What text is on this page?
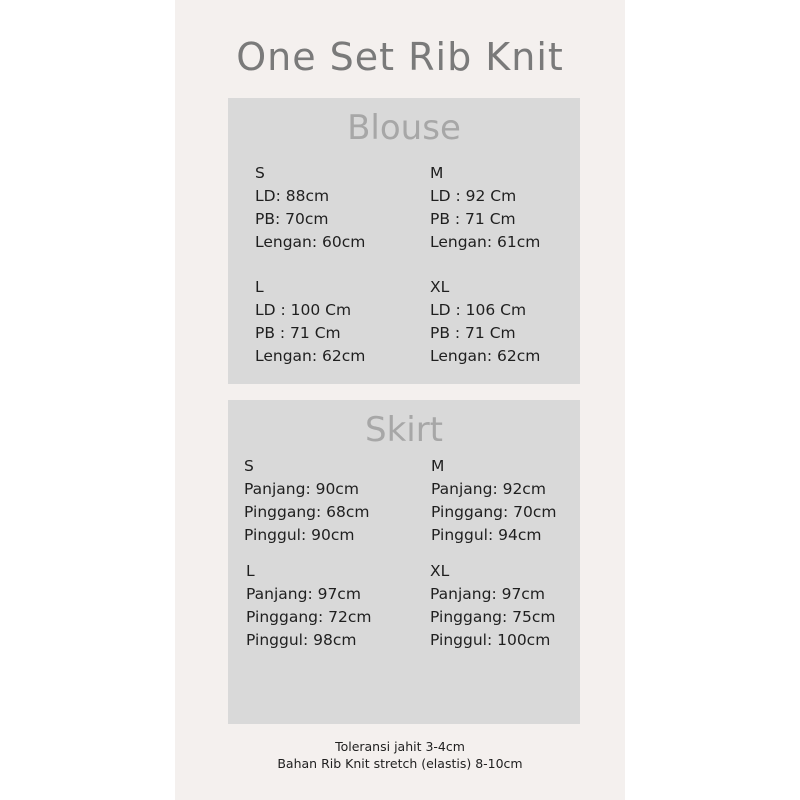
One Set Rib Knit
Blouse
S
LD: 88cm
PB: 70cm
Lengan: 60cm
M
LD : 92 Cm
PB : 71 Cm
Lengan: 61cm
L
LD : 100 Cm
PB : 71 Cm
Lengan: 62cm
XL
LD : 106 Cm
PB : 71 Cm
Lengan: 62cm
Skirt
S
Panjang: 90cm
Pinggang: 68cm
Pinggul: 90cm
M
Panjang: 92cm
Pinggang: 70cm
Pinggul: 94cm
L
Panjang: 97cm
Pinggang: 72cm
Pinggul: 98cm
XL
Panjang: 97cm
Pinggang: 75cm
Pinggul: 100cm
Toleransi jahit 3-4cm
Bahan Rib Knit stretch (elastis) 8-10cm
